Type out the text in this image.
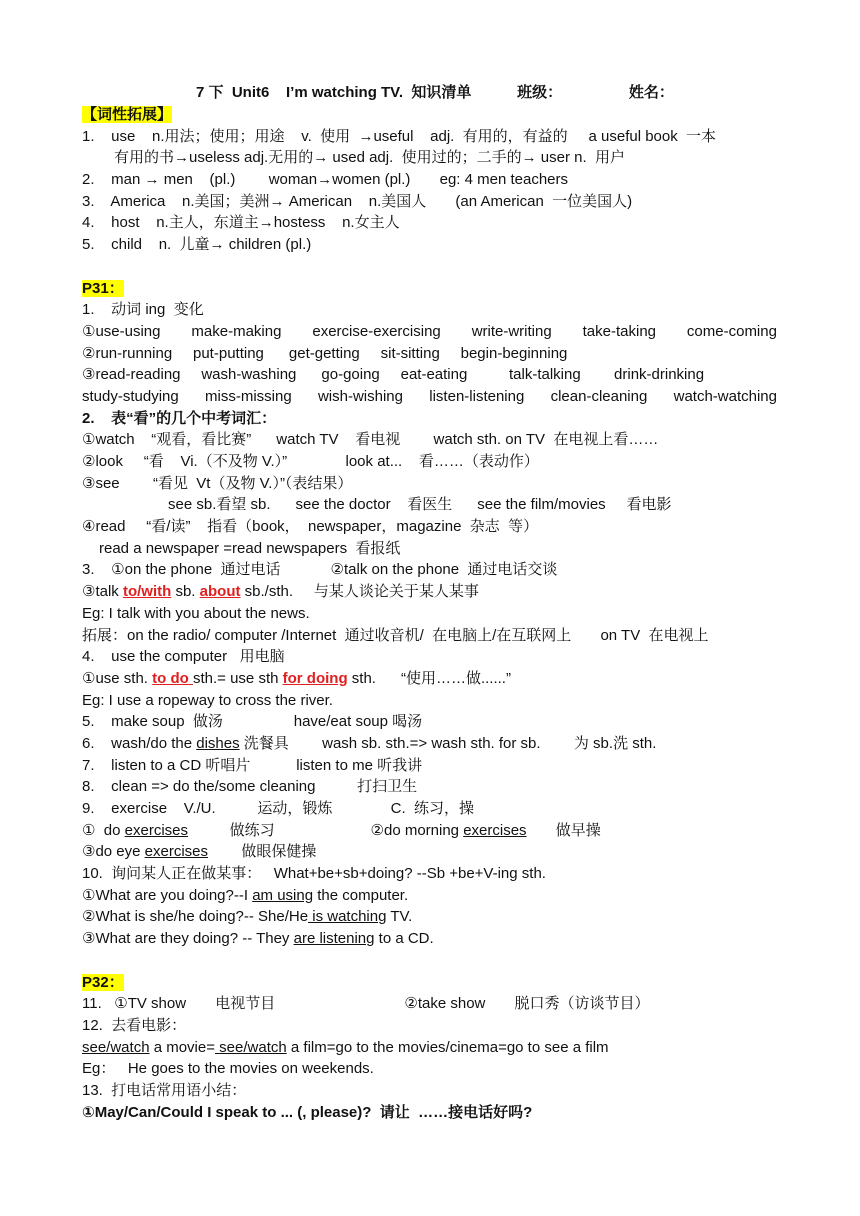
7 下  Unit6    I’m watching TV.  知识清单	班级：	姓名：
【词性拓展】
1.    use    n.用法；使用；用途    v.  使用  →useful    adj.  有用的，有益的     a useful book  一本
有用的书→useless adj.无用的→ used adj.  使用过的；二手的→ user n.  用户
2.    man → men    (pl.)        woman→women (pl.)       eg: 4 men teachers
3.    America    n.美国；美洲→ American    n.美国人       (an American  一位美国人)
4.    host    n.主人，东道主→hostess    n.女主人
5.    child    n.  儿童→ children (pl.)
P31：
1.    动词 ing  变化
①use-using make-making exercise-exercising write-writing take-taking come-coming
②run-running     put-putting      get-getting     sit-sitting     begin-beginning
③read-reading     wash-washing      go-going     eat-eating          talk-talking        drink-drinking
study-studying miss-missing wish-wishing listen-listening clean-cleaning watch-watching
2.    表“看”的几个中考词汇：
①watch    “观看，看比赛”      watch TV    看电视        watch sth. on TV  在电视上看……
②look     “看    Vi.（不及物 V.）”              look at...    看……（表动作）
③see        “看见  Vt（及物 V.）”（表结果）
see sb.看望 sb.      see the doctor    看医生      see the film/movies     看电影
④read     “看/读”    指看（book，  newspaper，magazine  杂志  等）
read a newspaper =read newspapers  看报纸
3.    ①on the phone  通过电话            ②talk on the phone  通过电话交谈
③talk to/with sb. about sb./sth.     与某人谈论关于某人某事
Eg: I talk with you about the news.
拓展：on the radio/ computer /Internet  通过收音机/  在电脑上/在互联网上       on TV  在电视上
4.    use the computer   用电脑
①use sth. to do sth.= use sth for doing sth.      “使用……做......”
Eg: I use a ropeway to cross the river.
5.    make soup  做汤                 have/eat soup 喝汤
6.    wash/do the dishes 洗餐具        wash sb. sth.=> wash sth. for sb.        为 sb.洗 sth.
7.    listen to a CD 听唱片           listen to me 听我讲
8.    clean => do the/some cleaning          打扫卫生
9.    exercise    V./U.          运动，锻炼              C.  练习，操
①  do exercises          做练习                       ②do morning exercises       做早操
③do eye exercises        做眼保健操
10.  询问某人正在做某事：   What+be+sb+doing? --Sb +be+V-ing sth.
①What are you doing?--I am using the computer.
②What is she/he doing?-- She/He is watching TV.
③What are they doing? -- They are listening to a CD.
P32：
11.   ①TV show       电视节目                               ②take show       脱口秀（访谈节目）
12.  去看电影：
see/watch a movie= see/watch a film=go to the movies/cinema=go to see a film
Eg：   He goes to the movies on weekends.
13.  打电话常用语小结：
①May/Can/Could I speak to ... (, please)?  请让  ……接电话好吗?
